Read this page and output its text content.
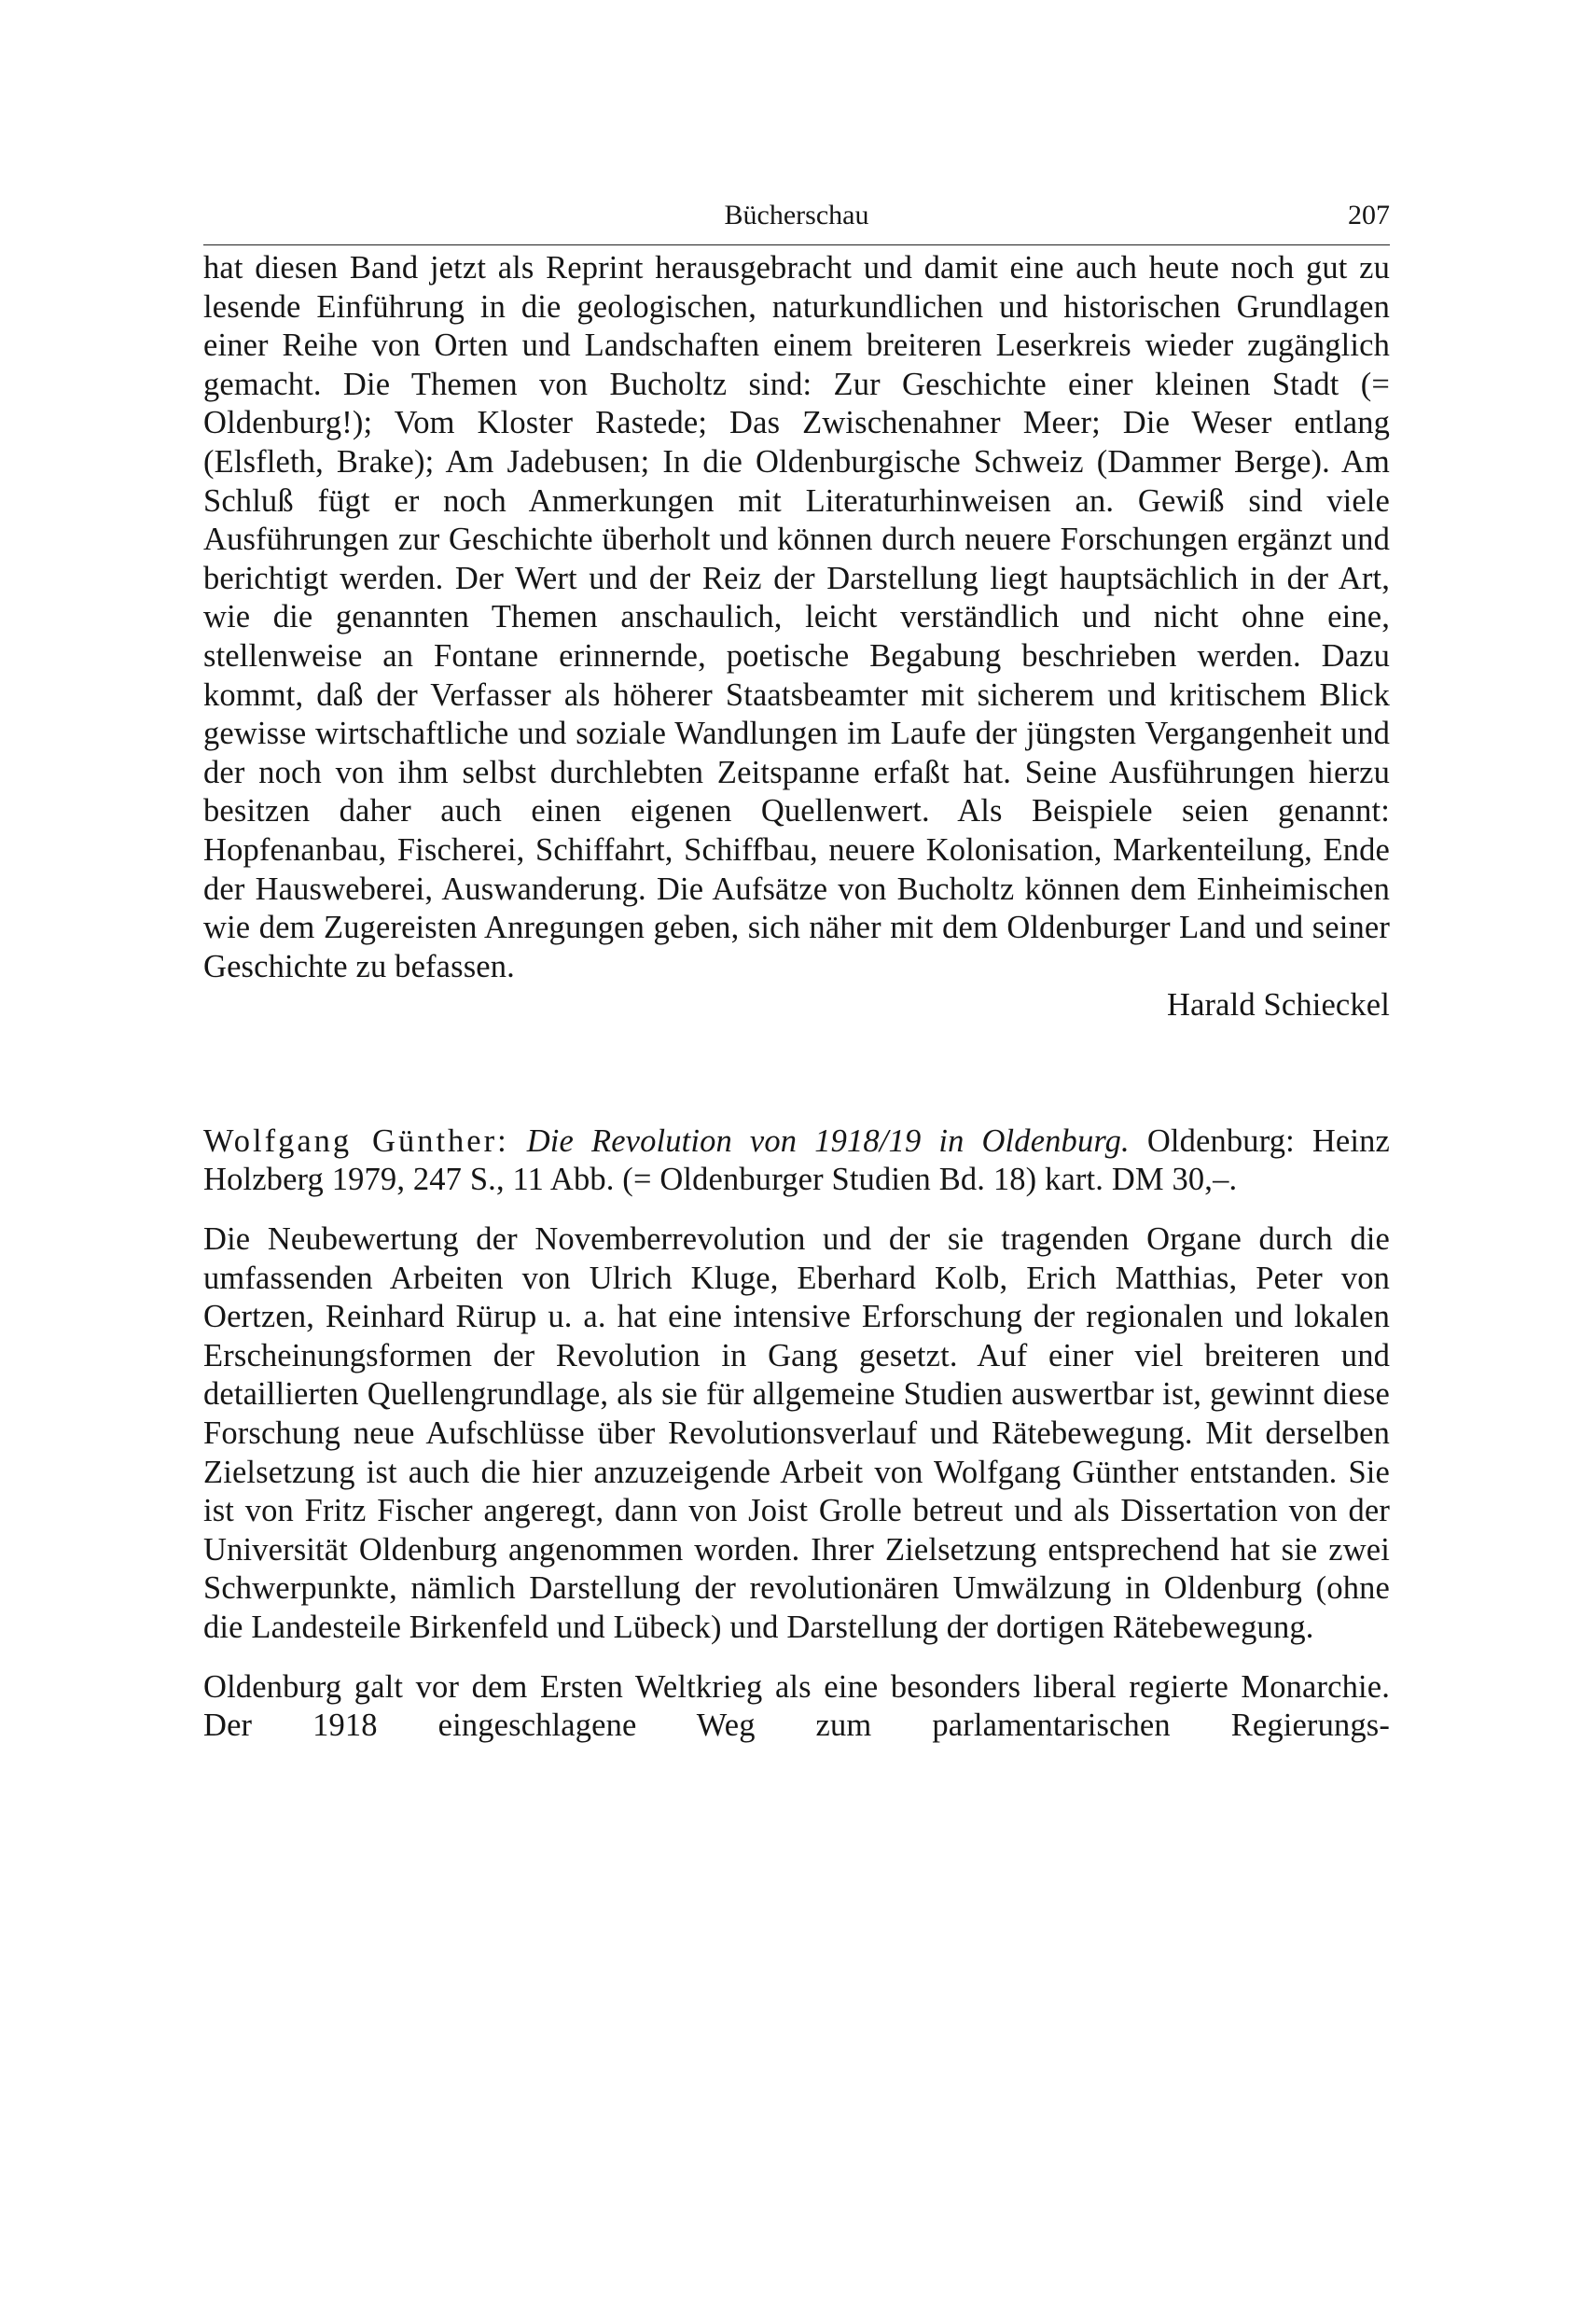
Bücherschau	207

hat diesen Band jetzt als Reprint herausgebracht und damit eine auch heute noch gut zu lesende Einführung in die geologischen, naturkundlichen und historischen Grundlagen einer Reihe von Orten und Landschaften einem breiteren Leserkreis wieder zugänglich gemacht. Die Themen von Bucholtz sind: Zur Geschichte einer kleinen Stadt (= Oldenburg!); Vom Kloster Rastede; Das Zwischenahner Meer; Die Weser entlang (Elsfleth, Brake); Am Jadebusen; In die Oldenburgische Schweiz (Dammer Berge). Am Schluß fügt er noch Anmerkungen mit Literaturhinweisen an. Gewiß sind viele Ausführungen zur Geschichte überholt und können durch neuere Forschungen ergänzt und berichtigt werden. Der Wert und der Reiz der Darstellung liegt hauptsächlich in der Art, wie die genannten Themen anschaulich, leicht verständlich und nicht ohne eine, stellenweise an Fontane erinnernde, poetische Begabung beschrieben werden. Dazu kommt, daß der Verfasser als höherer Staatsbeamter mit sicherem und kritischem Blick gewisse wirtschaftliche und soziale Wandlungen im Laufe der jüngsten Vergangenheit und der noch von ihm selbst durchlebten Zeitspanne erfaßt hat. Seine Ausführungen hierzu besitzen daher auch einen eigenen Quellenwert. Als Beispiele seien genannt: Hopfenanbau, Fischerei, Schiffahrt, Schiffbau, neuere Kolonisation, Markenteilung, Ende der Hausweberei, Auswanderung. Die Aufsätze von Bucholtz können dem Einheimischen wie dem Zugereisten Anregungen geben, sich näher mit dem Oldenburger Land und seiner Geschichte zu befassen.

Harald Schieckel

Wolfgang Günther: Die Revolution von 1918/19 in Oldenburg. Oldenburg: Heinz Holzberg 1979, 247 S., 11 Abb. (= Oldenburger Studien Bd. 18) kart. DM 30,–.

Die Neubewertung der Novemberrevolution und der sie tragenden Organe durch die umfassenden Arbeiten von Ulrich Kluge, Eberhard Kolb, Erich Matthias, Peter von Oertzen, Reinhard Rürup u. a. hat eine intensive Erforschung der regionalen und lokalen Erscheinungsformen der Revolution in Gang gesetzt. Auf einer viel breiteren und detaillierten Quellengrundlage, als sie für allgemeine Studien auswertbar ist, gewinnt diese Forschung neue Aufschlüsse über Revolutionsverlauf und Rätebewegung. Mit derselben Zielsetzung ist auch die hier anzuzeigende Arbeit von Wolfgang Günther entstanden. Sie ist von Fritz Fischer angeregt, dann von Joist Grolle betreut und als Dissertation von der Universität Oldenburg angenommen worden. Ihrer Zielsetzung entsprechend hat sie zwei Schwerpunkte, nämlich Darstellung der revolutionären Umwälzung in Oldenburg (ohne die Landesteile Birkenfeld und Lübeck) und Darstellung der dortigen Rätebewegung.

Oldenburg galt vor dem Ersten Weltkrieg als eine besonders liberal regierte Monarchie. Der 1918 eingeschlagene Weg zum parlamentarischen Regierungs-
